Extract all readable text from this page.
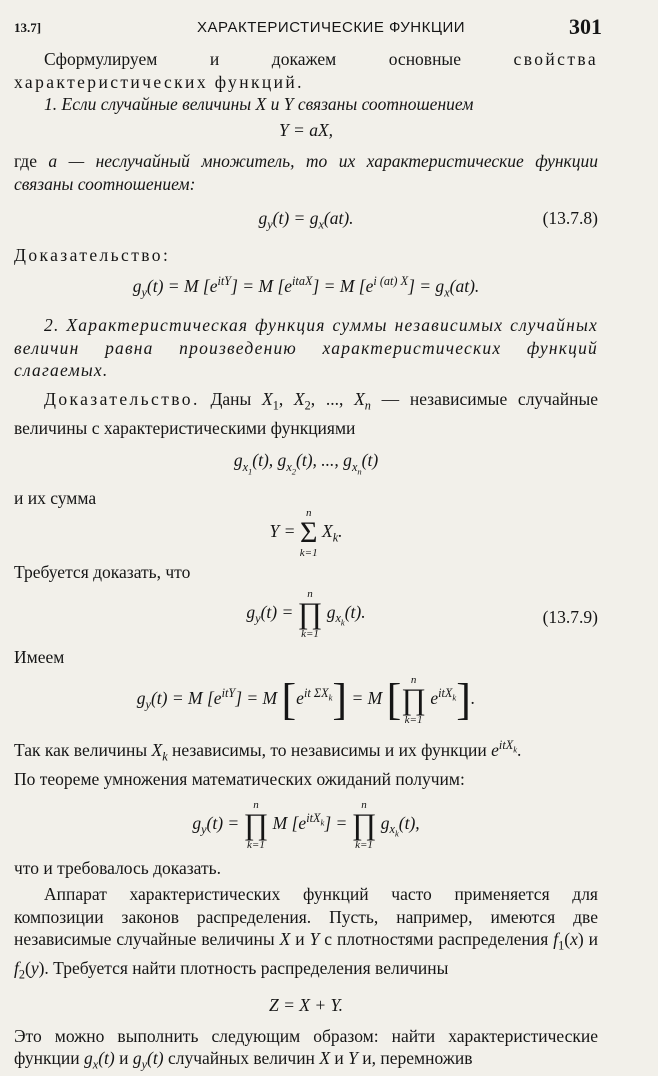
13.7]	ХАРАКТЕРИСТИЧЕСКИЕ ФУНКЦИИ	301

Сформулируем и докажем основные свойства характеристических функций.

1. Если случайные величины X и Y связаны соотношением

Y = aX,

где a — неслучайный множитель, то их характеристические функции связаны соотношением:

$g_y(t) = g_x(at)$.	(13.7.8)

Доказательство:

$g_y(t) = M$ $[e^{itY}] = M$ $[e^{itaX}] = M$ $[e^{i (at) X}] = g_x(at)$.

2. Характеристическая функция суммы независимых случайных величин равна произведению характеристических функций слагаемых.

Доказательство. Даны $X_1$, $X_2$, ..., $X_n$ — независимые случайные величины с характеристическими функциями

$g_{x_1}(t)$, $g_{x_2}(t)$, ..., $g_{x_n}(t)$

и их сумма

Y =
n
Σ
k=1
$X_k$.

Требуется доказать, что

$g_y(t)$ =
n
∏
k=1
$g_{x_k}(t)$.	(13.7.9)

Имеем

$g_y(t) = M$ $[e^{itY}] = M$ $[e^{it \Sigma X_k}] = M$ [ n
∏
k=1
$e^{itX_k}$].

Так как величины $X_k$ независимы, то независимы и их функции $e^{itX_k}$.
По теореме умножения математических ожиданий получим:

$g_y(t)$ =
n
∏
k=1
M $[e^{itX_k}]$ =
n
∏
k=1
$g_{x_k}(t)$,

что и требовалось доказать.

Аппарат характеристических функций часто применяется для композиции законов распределения. Пусть, например, имеются две независимые случайные величины X и Y с плотностями распределения $f_1(x)$ и $f_2(y)$. Требуется найти плотность распределения величины

Z = X + Y.

Это можно выполнить следующим образом: найти характеристические функции $g_x(t)$ и $g_y(t)$ случайных величин X и Y и, перемножив
